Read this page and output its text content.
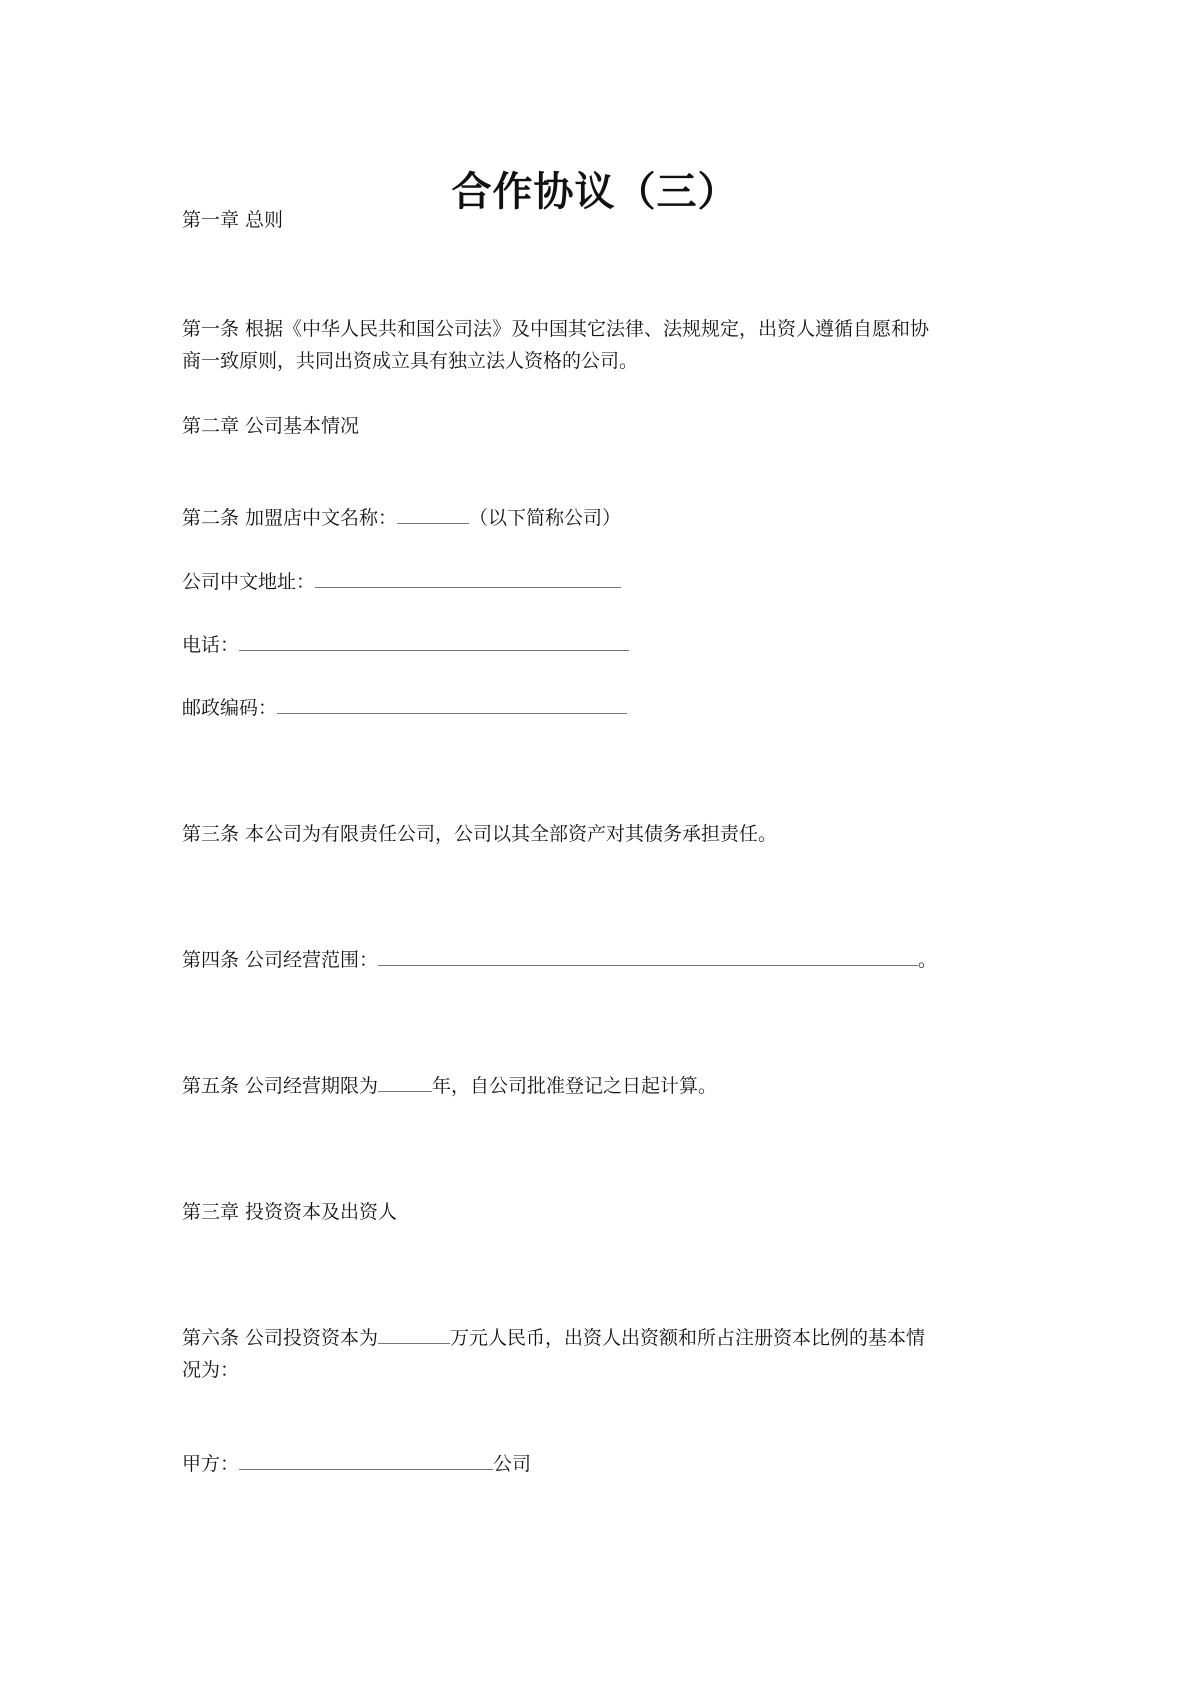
合作协议（三）
第一章 总则
第一条 根据《中华人民共和国公司法》及中国其它法律、法规规定，出资人遵循自愿和协
商一致原则，共同出资成立具有独立法人资格的公司。
第二章 公司基本情况
第二条 加盟店中文名称：	（以下简称公司）
公司中文地址：
电话：
邮政编码：
第三条 本公司为有限责任公司，公司以其全部资产对其债务承担责任。
第四条 公司经营范围：	。
第五条 公司经营期限为	年，自公司批准登记之日起计算。
第三章 投资资本及出资人
第六条 公司投资资本为	万元人民币，出资人出资额和所占注册资本比例的基本情
况为：
甲方：	公司
